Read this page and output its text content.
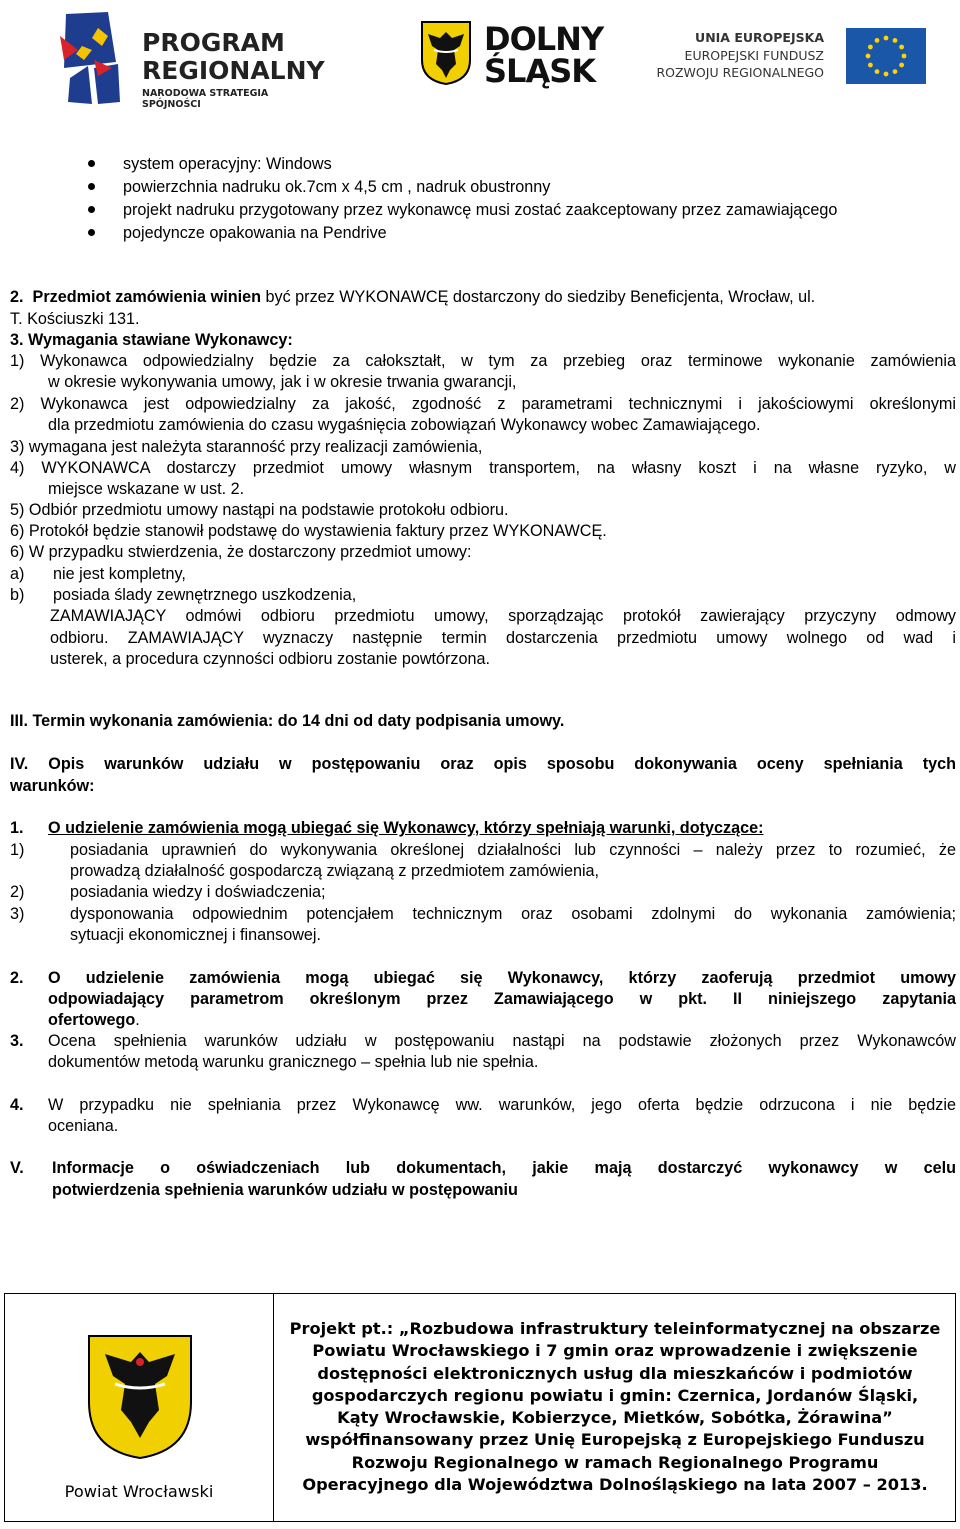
PROGRAM
REGIONALNY
NARODOWA STRATEGIA SPÓJNOŚCI
DOLNY
ŚLĄSK
UNIA EUROPEJSKA
EUROPEJSKI FUNDUSZ
ROZWOJU REGIONALNEGO
system operacyjny: Windows
powierzchnia nadruku ok.7cm x 4,5 cm , nadruk obustronny
projekt nadruku przygotowany przez wykonawcę musi zostać zaakceptowany przez zamawiającego
pojedyncze opakowania na Pendrive
2. Przedmiot zamówienia winien być przez WYKONAWCĘ dostarczony do siedziby Beneficjenta, Wrocław, ul.
T. Kościuszki 131.
3. Wymagania stawiane Wykonawcy:
1) Wykonawca odpowiedzialny będzie za całokształt, w tym za przebieg oraz terminowe wykonanie zamówienia
w okresie wykonywania umowy, jak i w okresie trwania gwarancji,
2) Wykonawca jest odpowiedzialny za jakość, zgodność z parametrami technicznymi i jakościowymi określonymi
dla przedmiotu zamówienia do czasu wygaśnięcia zobowiązań Wykonawcy wobec Zamawiającego.
3) wymagana jest należyta staranność przy realizacji zamówienia,
4) WYKONAWCA dostarczy przedmiot umowy własnym transportem, na własny koszt i na własne ryzyko, w
miejsce wskazane w ust. 2.
5) Odbiór przedmiotu umowy nastąpi na podstawie protokołu odbioru.
6) Protokół będzie stanowił podstawę do wystawienia faktury przez WYKONAWCĘ.
6) W przypadku stwierdzenia, że dostarczony przedmiot umowy:
a) nie jest kompletny,
b) posiada ślady zewnętrznego uszkodzenia,
ZAMAWIAJĄCY odmówi odbioru przedmiotu umowy, sporządzając protokół zawierający przyczyny odmowy
odbioru. ZAMAWIAJĄCY wyznaczy następnie termin dostarczenia przedmiotu umowy wolnego od wad i
usterek, a procedura czynności odbioru zostanie powtórzona.
III. Termin wykonania zamówienia: do 14 dni od daty podpisania umowy.
IV. Opis warunków udziału w postępowaniu oraz opis sposobu dokonywania oceny spełniania tych
warunków:
1. O udzielenie zamówienia mogą ubiegać się Wykonawcy, którzy spełniają warunki, dotyczące:
1)	posiadania uprawnień do wykonywania określonej działalności lub czynności – należy przez to rozumieć, że
prowadzą działalność gospodarczą związaną z przedmiotem zamówienia,
2)	posiadania wiedzy i doświadczenia;
3)	dysponowania odpowiednim potencjałem technicznym oraz osobami zdolnymi do wykonania zamówienia;
sytuacji ekonomicznej i finansowej.
2. O udzielenie zamówienia mogą ubiegać się Wykonawcy, którzy zaoferują przedmiot umowy
odpowiadający parametrom określonym przez Zamawiającego w pkt. II niniejszego zapytania
ofertowego.
3. Ocena spełnienia warunków udziału w postępowaniu nastąpi na podstawie złożonych przez Wykonawców
dokumentów metodą warunku granicznego – spełnia lub nie spełnia.
4. W przypadku nie spełniania przez Wykonawcę ww. warunków, jego oferta będzie odrzucona i nie będzie
oceniana.
V. Informacje o oświadczeniach lub dokumentach, jakie mają dostarczyć wykonawcy w celu
potwierdzenia spełnienia warunków udziału w postępowaniu
Powiat Wrocławski
Projekt pt.: „Rozbudowa infrastruktury teleinformatycznej na obszarze
Powiatu Wrocławskiego i 7 gmin oraz wprowadzenie i zwiększenie
dostępności elektronicznych usług dla mieszkańców i podmiotów
gospodarczych regionu powiatu i gmin: Czernica, Jordanów Śląski,
Kąty Wrocławskie, Kobierzyce, Mietków, Sobótka, Żórawina”
współfinansowany przez Unię Europejską z Europejskiego Funduszu
Rozwoju Regionalnego w ramach Regionalnego Programu
Operacyjnego dla Województwa Dolnośląskiego na lata 2007 – 2013.
